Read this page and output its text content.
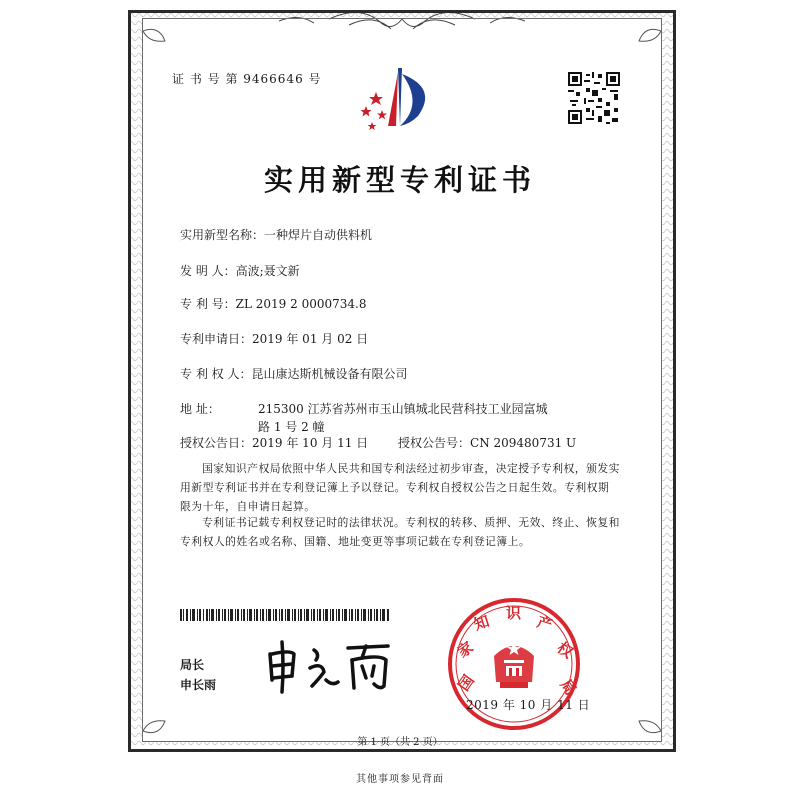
证 书 号 第 9466646 号
实用新型专利证书
实用新型名称：一种焊片自动供料机
发 明 人：高波;聂文新
专 利 号：ZL 2019 2 0000734.8
专利申请日：2019 年 01 月 02 日
专 利 权 人：昆山康达斯机械设备有限公司
地 址：	215300 江苏省苏州市玉山镇城北民营科技工业园富城路 1 号 2 幢
授权公告日：2019 年 10 月 11 日 授权公告号：CN 209480731 U
国家知识产权局依照中华人民共和国专利法经过初步审查，决定授予专利权，颁发实用新型专利证书并在专利登记簿上予以登记。专利权自授权公告之日起生效。专利权期限为十年，自申请日起算。
专利证书记载专利权登记时的法律状况。专利权的转移、质押、无效、终止、恢复和专利权人的姓名或名称、国籍、地址变更等事项记载在专利登记簿上。
局长
申长雨	国
家
知 识 产
权
局
2019 年 10 月 11 日
第 1 页（共 2 页）
其他事项参见背面
